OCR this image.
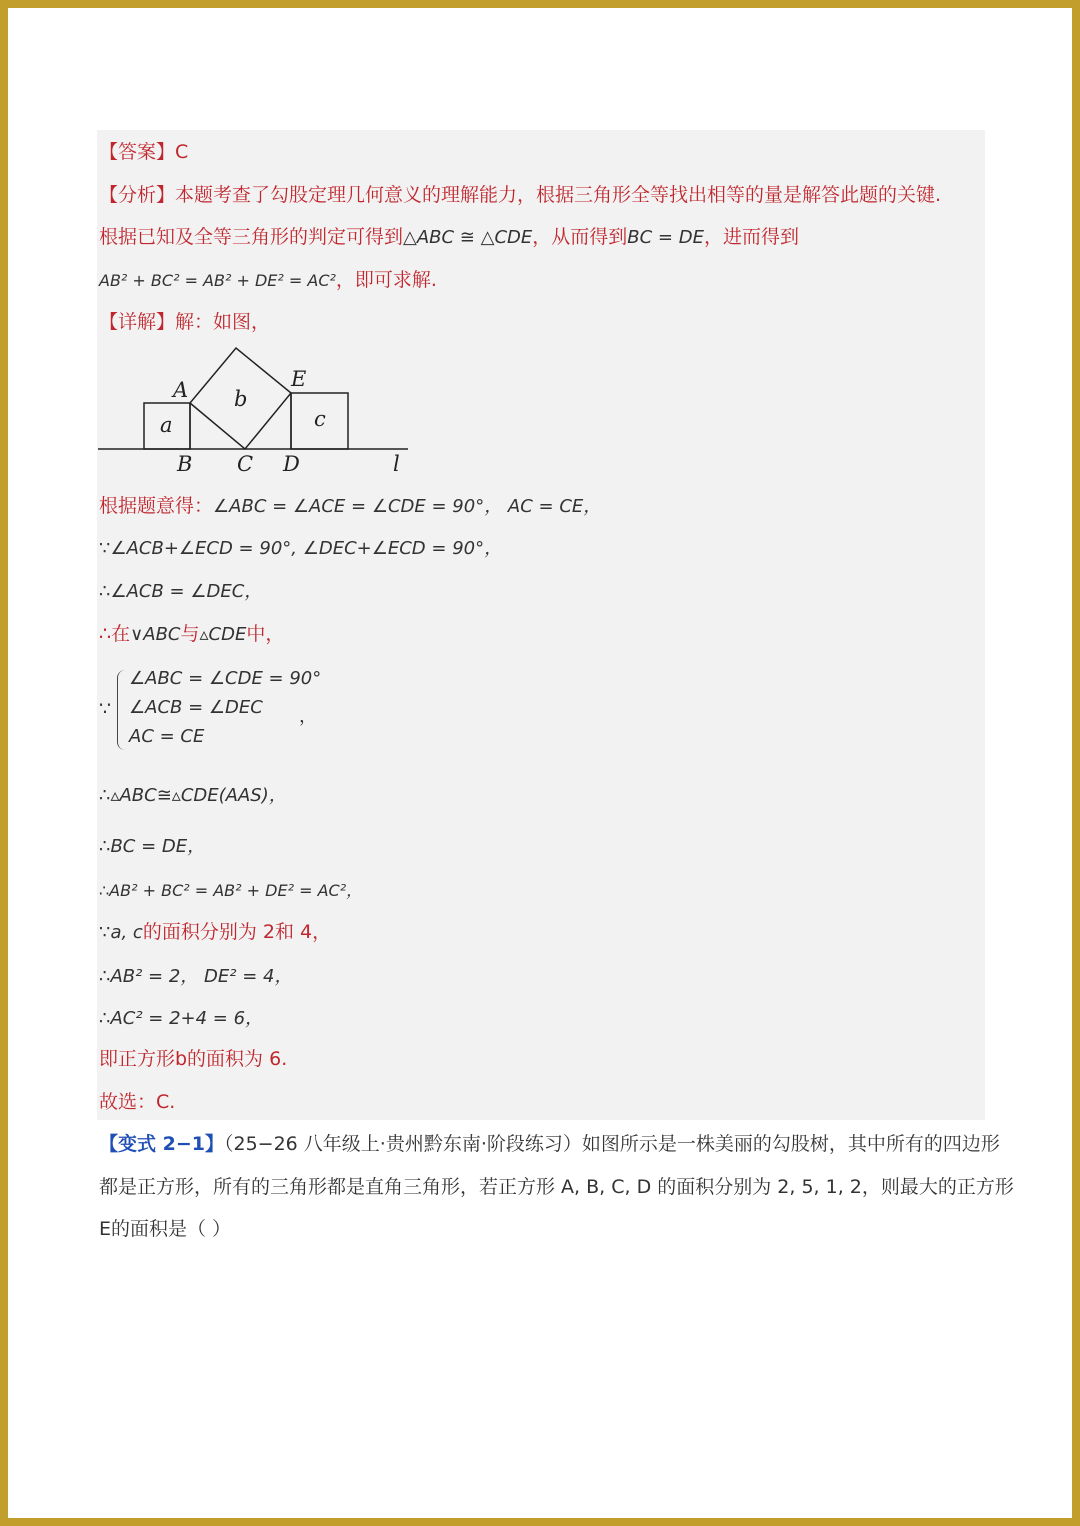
【答案】C
【分析】本题考查了勾股定理几何意义的理解能力，根据三角形全等找出相等的量是解答此题的关键.
根据已知及全等三角形的判定可得到△ABC ≅ △CDE，从而得到BC = DE，进而得到
AB² + BC² = AB² + DE² = AC²，即可求解.
【详解】解：如图，
A	E
B C D	l
a
b
c
根据题意得：∠ABC = ∠ACE = ∠CDE = 90°， AC = CE，
∵∠ACB+∠ECD = 90°, ∠DEC+∠ECD = 90°，
∴∠ACB = ∠DEC，
∴在∨ABC与▵CDE中，
∵
∠ABC = ∠CDE = 90°
∠ACB = ∠DEC
AC = CE
，
∴▵ABC≅▵CDE(AAS)，
∴BC = DE，
∴AB² + BC² = AB² + DE² = AC²，
∵a, c的面积分别为 2和 4，
∴AB² = 2， DE² = 4，
∴AC² = 2+4 = 6，
即正方形b的面积为 6.
故选：C.
【变式 2−1】（25−26 八年级上·贵州黔东南·阶段练习）如图所示是一株美丽的勾股树，其中所有的四边形
都是正方形，所有的三角形都是直角三角形，若正方形 A, B, C, D 的面积分别为 2, 5, 1, 2，则最大的正方形
E的面积是（ ）
